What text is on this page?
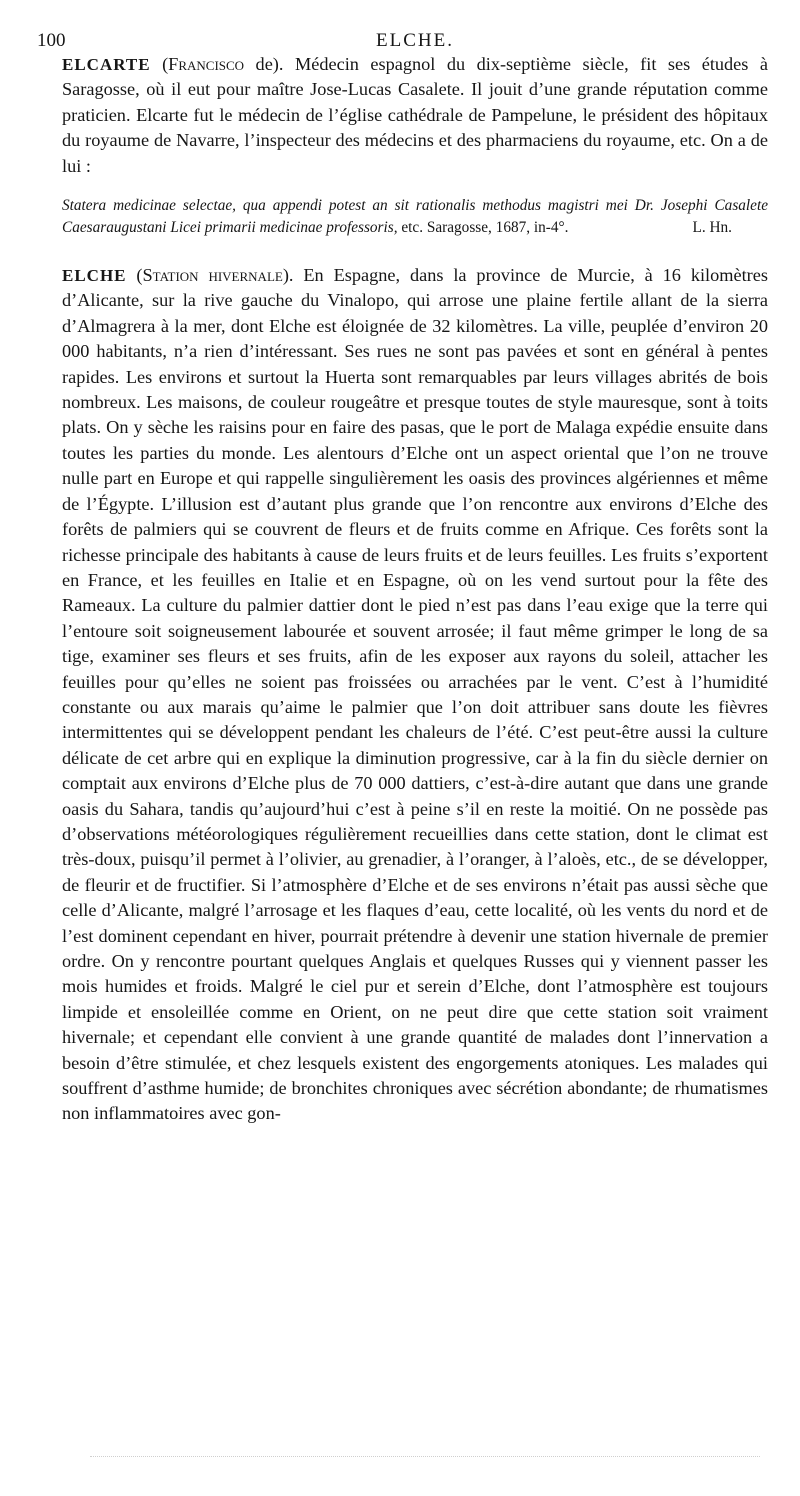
100	ELCHE.

ELCARTE (Francisco de). Médecin espagnol du dix-septième siècle, fit ses études à Saragosse, où il eut pour maître Jose-Lucas Casalete. Il jouit d’une grande réputation comme praticien. Elcarte fut le médecin de l’église cathédrale de Pampelune, le président des hôpitaux du royaume de Navarre, l’inspecteur des médecins et des pharmaciens du royaume, etc. On a de lui :

Statera medicinae selectae, qua appendi potest an sit rationalis methodus magistri mei Dr. Josephi Casalete Caesaraugustani Licei primarii medicinae professoris, etc. Saragosse, 1687, in-4°.	L. Hn.

ELCHE (Station hivernale). En Espagne, dans la province de Murcie, à 16 kilomètres d’Alicante, sur la rive gauche du Vinalopo, qui arrose une plaine fertile allant de la sierra d’Almagrera à la mer, dont Elche est éloignée de 32 kilomètres. La ville, peuplée d’environ 20 000 habitants, n’a rien d’intéressant. Ses rues ne sont pas pavées et sont en général à pentes rapides. Les environs et surtout la Huerta sont remarquables par leurs villages abrités de bois nombreux. Les maisons, de couleur rougeâtre et presque toutes de style mauresque, sont à toits plats. On y sèche les raisins pour en faire des pasas, que le port de Malaga expédie ensuite dans toutes les parties du monde. Les alentours d’Elche ont un aspect oriental que l’on ne trouve nulle part en Europe et qui rappelle singulièrement les oasis des provinces algériennes et même de l’Égypte. L’illusion est d’autant plus grande que l’on rencontre aux environs d’Elche des forêts de palmiers qui se couvrent de fleurs et de fruits comme en Afrique. Ces forêts sont la richesse principale des habitants à cause de leurs fruits et de leurs feuilles. Les fruits s’exportent en France, et les feuilles en Italie et en Espagne, où on les vend surtout pour la fête des Rameaux. La culture du palmier dattier dont le pied n’est pas dans l’eau exige que la terre qui l’entoure soit soigneusement labourée et souvent arrosée; il faut même grimper le long de sa tige, examiner ses fleurs et ses fruits, afin de les exposer aux rayons du soleil, attacher les feuilles pour qu’elles ne soient pas froissées ou arrachées par le vent. C’est à l’humidité constante ou aux marais qu’aime le palmier que l’on doit attribuer sans doute les fièvres intermittentes qui se développent pendant les chaleurs de l’été. C’est peut-être aussi la culture délicate de cet arbre qui en explique la diminution progressive, car à la fin du siècle dernier on comptait aux environs d’Elche plus de 70 000 dattiers, c’est-à-dire autant que dans une grande oasis du Sahara, tandis qu’aujourd’hui c’est à peine s’il en reste la moitié. On ne possède pas d’observations météorologiques régulièrement recueillies dans cette station, dont le climat est très-doux, puisqu’il permet à l’olivier, au grenadier, à l’oranger, à l’aloès, etc., de se développer, de fleurir et de fructifier. Si l’atmosphère d’Elche et de ses environs n’était pas aussi sèche que celle d’Alicante, malgré l’arrosage et les flaques d’eau, cette localité, où les vents du nord et de l’est dominent cependant en hiver, pourrait prétendre à devenir une station hivernale de premier ordre. On y rencontre pourtant quelques Anglais et quelques Russes qui y viennent passer les mois humides et froids. Malgré le ciel pur et serein d’Elche, dont l’atmosphère est toujours limpide et ensoleillée comme en Orient, on ne peut dire que cette station soit vraiment hivernale; et cependant elle convient à une grande quantité de malades dont l’innervation a besoin d’être stimulée, et chez lesquels existent des engorgements atoniques. Les malades qui souffrent d’asthme humide; de bronchites chroniques avec sécrétion abondante; de rhumatismes non inflammatoires avec gon-
